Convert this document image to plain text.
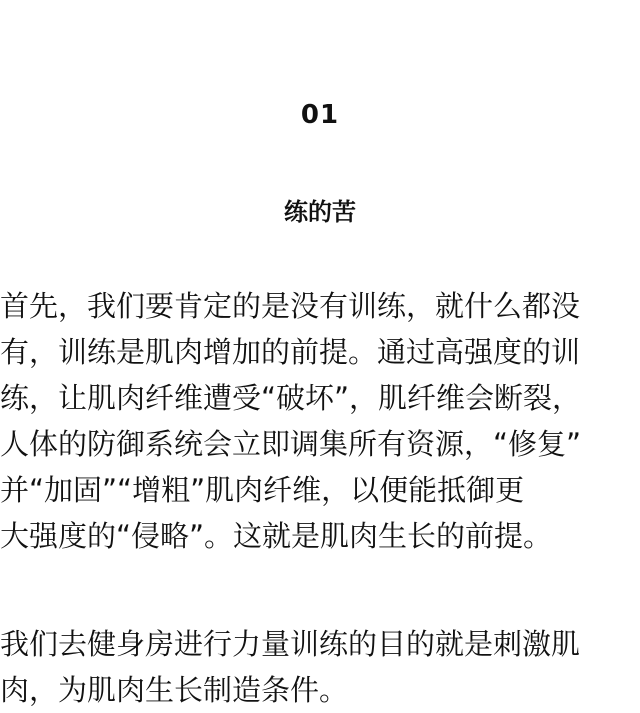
01
练的苦

首先，我们要肯定的是没有训练，就什么都没
有，训练是肌肉增加的前提。通过高强度的训
练，让肌肉纤维遭受“破坏”，肌纤维会断裂，
人体的防御系统会立即调集所有资源，“修复”
并“加固”“增粗”肌肉纤维，以便能抵御更
大强度的“侵略”。这就是肌肉生长的前提。

我们去健身房进行力量训练的目的就是刺激肌
肉，为肌肉生长制造条件。
